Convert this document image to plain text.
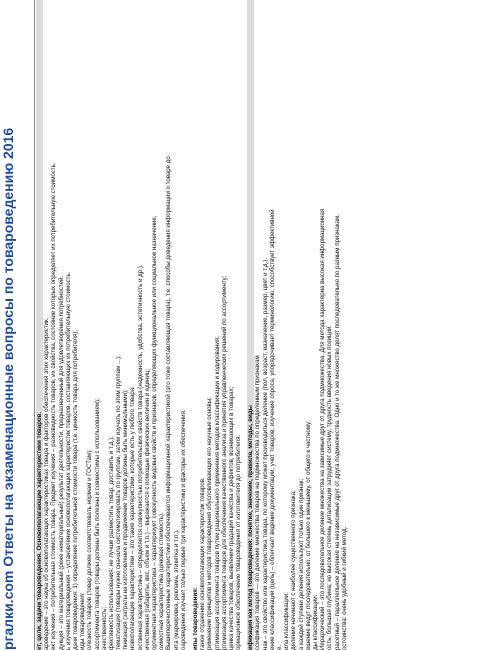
ргалки.com Ответы на экзаменационные вопросы по товароведению 2016	ет, цели, задачи товароведения. Основополагающие характеристики товаров. ароведение – это наука об основополагающих характеристиках товара и факторов обеспечения этих характеристик. ект изучения – потребительная стоимость товара. Предмет изучения – разновидность товаров, их свойства, состояние которых определяет их потребительную стоимость. дукция – это материальный (реже нематериальный) результат деятельности, предназначенный для удовлетворения потребностей. ь изучения товароведения – установление основополагающих характеристик товаров, составляющих их потребительную стоимость. дачи товароведения: 1) определение потребительной стоимости товара (т.е. ценность товара для потребителя); иды товароведения: олезность товаров (товар должен соответствовать нормам и ГОСТам); ассортимента товаров (товары должны быть полезны и совместимы с использованием); ачественность; фективность использования: не лучше разместить товар, доставить и т.д.); тематизация (товары нужно сначала систематизировать по группам, затем изучать по этим группам ...); ткнизация (затраты на изготовление и продвижение товаров должны быть минимальными); новополагающие характеристики – это такие характеристики, которые есть у любого товара: ественная характеристика – определяется совокупностью потребительских свойств товара (надежность, удобства, эстетичность и др.). ичественная (габариты, вес, объем и т.п.) – выражается с помощью физических величин и единиц; ортиментная характеристика – характеризует совокупность видовых свойств и признаков, определяющих функциональное или социальное назначение, оимостная характеристика (ценовая стоимость). Вышеперечисленные характеристики обеспечиваются информационной характеристикой (это тоже составляющая товара), т.е. способы доведения информации о товаре до ита (маркировка, реклама, этикетка и т.п.). оароведение изучает только первые три характеристики и факторы их обеспечения. ипы товароведения: ганое отражение основополагающих характеристик товаров. рименение принципов и методов товароведения обусловливающих его научные основы; ртимизация ассортимента товаров путем рационального применения методов классификации и кодирования; ртимизация ассортимента товаров для обеспечения качественного анализа и принятия управленческих решений по ассортименту; ценка качества товаров, выявление градаций качества и дефектов, возникающих в товарах; ормационное обеспечение товароведения от изготовителя до потребителя. ификация как метод товароведения: понятие, значение, правила, методы, виды ссификация товаров — это деление множества товаров на подмножества по определенным признакам нак – это свойство или характеристика товара, по которому может производиться деление (пол, возраст, назначение, размер, цвет и т.д.). ение классификации (цель) – облегчает ведение документации, учет товаров, изучение спроса, упорядочивает терминологию, способствует эффективной е. ила классификации: деление начинают с наиболее существенного признака; а каждой ступени деления используют только один признак; ешение ведут последовательно: от большего к меньшему, от общего к частному; ды классификации: Иерархический – это последовательное деление множества на зависимые друг от друга подмножества. Для метода характерна высокая информационная ость, большая глубина; но высокая степень детализации затрудняет систему, трудность введения новых позиций. расетный – параллельное деление на независимые друг от друга подмножества. Одно и то же множество делят последовательно по разным признакам. остоинства: очень удобный и гибкий метод.
